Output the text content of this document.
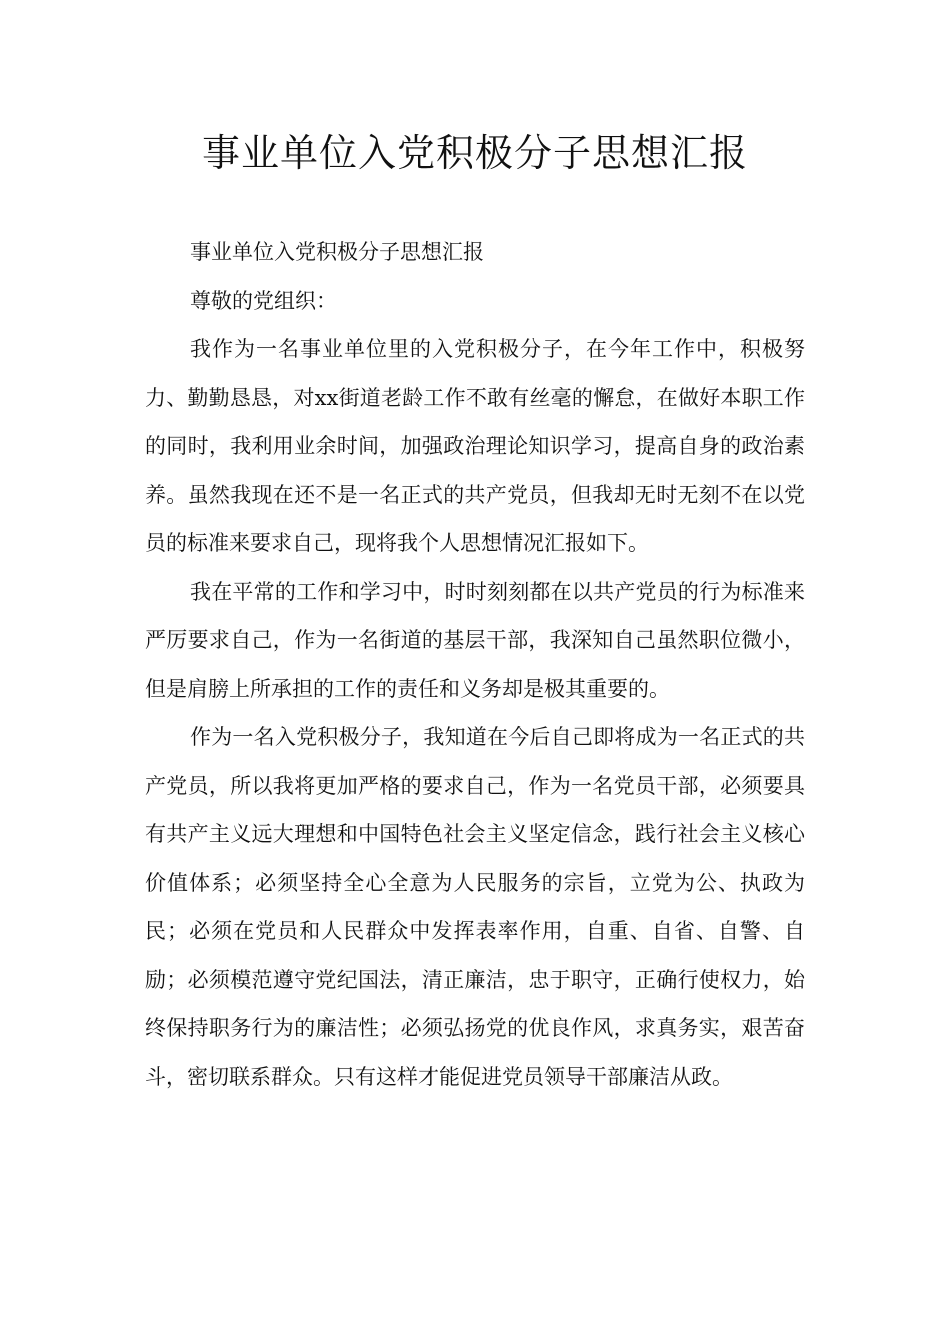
事业单位入党积极分子思想汇报

事业单位入党积极分子思想汇报

尊敬的党组织：

我作为一名事业单位里的入党积极分子，在今年工作中，积极努力、勤勤恳恳，对xx街道老龄工作不敢有丝毫的懈怠，在做好本职工作的同时，我利用业余时间，加强政治理论知识学习，提高自身的政治素养。虽然我现在还不是一名正式的共产党员，但我却无时无刻不在以党员的标准来要求自己，现将我个人思想情况汇报如下。

我在平常的工作和学习中，时时刻刻都在以共产党员的行为标准来严厉要求自己，作为一名街道的基层干部，我深知自己虽然职位微小，但是肩膀上所承担的工作的责任和义务却是极其重要的。

作为一名入党积极分子，我知道在今后自己即将成为一名正式的共产党员，所以我将更加严格的要求自己，作为一名党员干部，必须要具有共产主义远大理想和中国特色社会主义坚定信念，践行社会主义核心价值体系；必须坚持全心全意为人民服务的宗旨，立党为公、执政为民；必须在党员和人民群众中发挥表率作用，自重、自省、自警、自励；必须模范遵守党纪国法，清正廉洁，忠于职守，正确行使权力，始终保持职务行为的廉洁性；必须弘扬党的优良作风，求真务实，艰苦奋斗，密切联系群众。只有这样才能促进党员领导干部廉洁从政。
